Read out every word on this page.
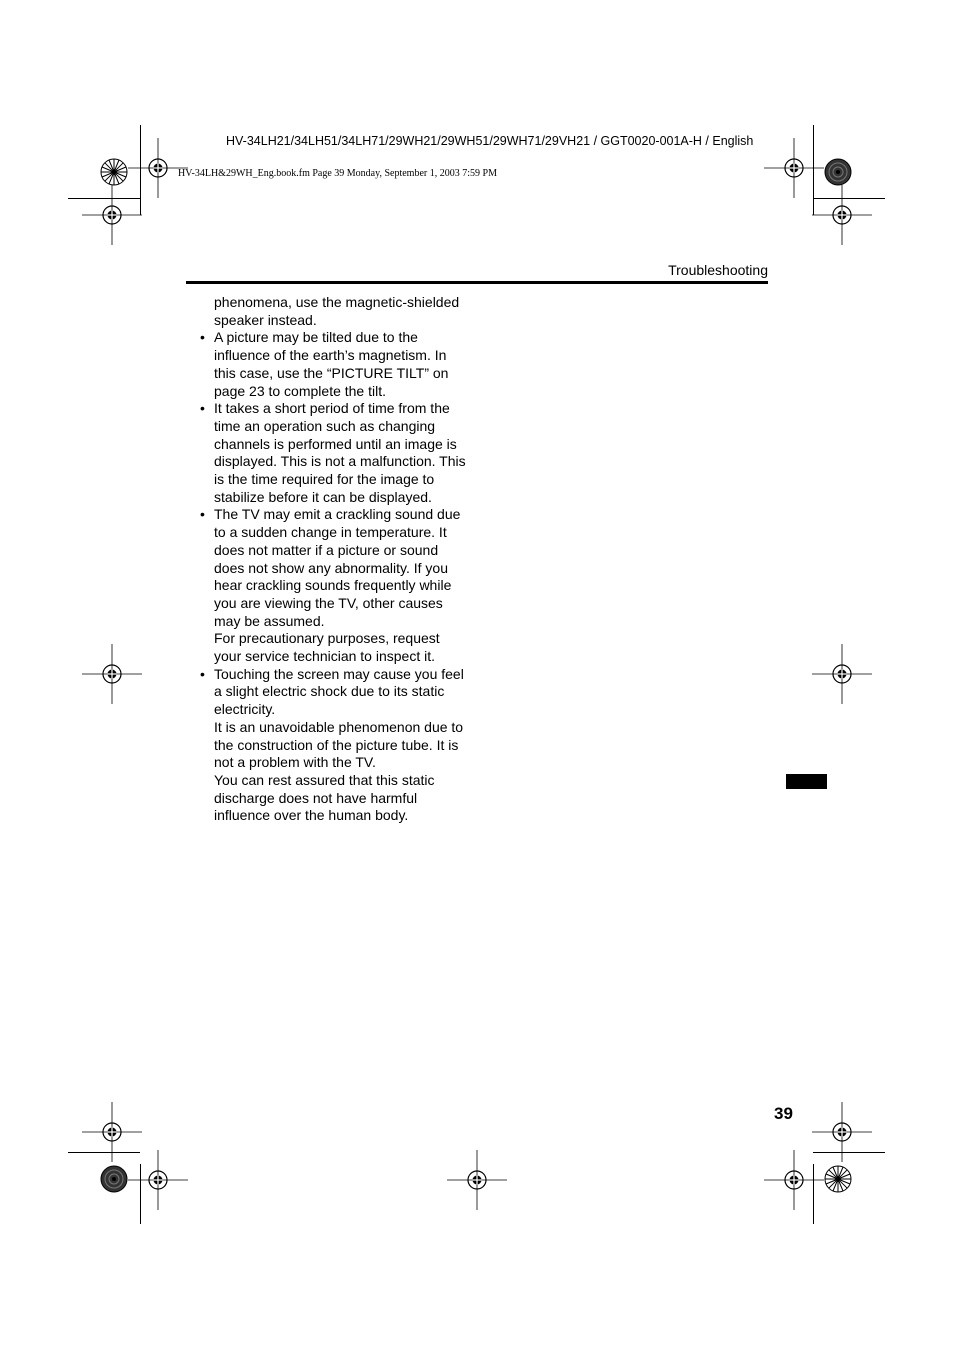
HV-34LH21/34LH51/34LH71/29WH21/29WH51/29WH71/29VH21 / GGT0020-001A-H / English
HV-34LH&29WH_Eng.book.fm Page 39 Monday, September 1, 2003 7:59 PM
Troubleshooting

phenomena, use the magnetic-shielded speaker instead.

• A picture may be tilted due to the influence of the earth’s magnetism. In this case, use the “PICTURE TILT” on page 23 to complete the tilt.
• It takes a short period of time from the time an operation such as changing channels is performed until an image is displayed. This is not a malfunction. This is the time required for the image to stabilize before it can be displayed.
• The TV may emit a crackling sound due to a sudden change in temperature. It does not matter if a picture or sound does not show any abnormality. If you hear crackling sounds frequently while you are viewing the TV, other causes may be assumed.
For precautionary purposes, request your service technician to inspect it.
• Touching the screen may cause you feel a slight electric shock due to its static electricity.
It is an unavoidable phenomenon due to the construction of the picture tube. It is not a problem with the TV.
You can rest assured that this static discharge does not have harmful influence over the human body.
39
